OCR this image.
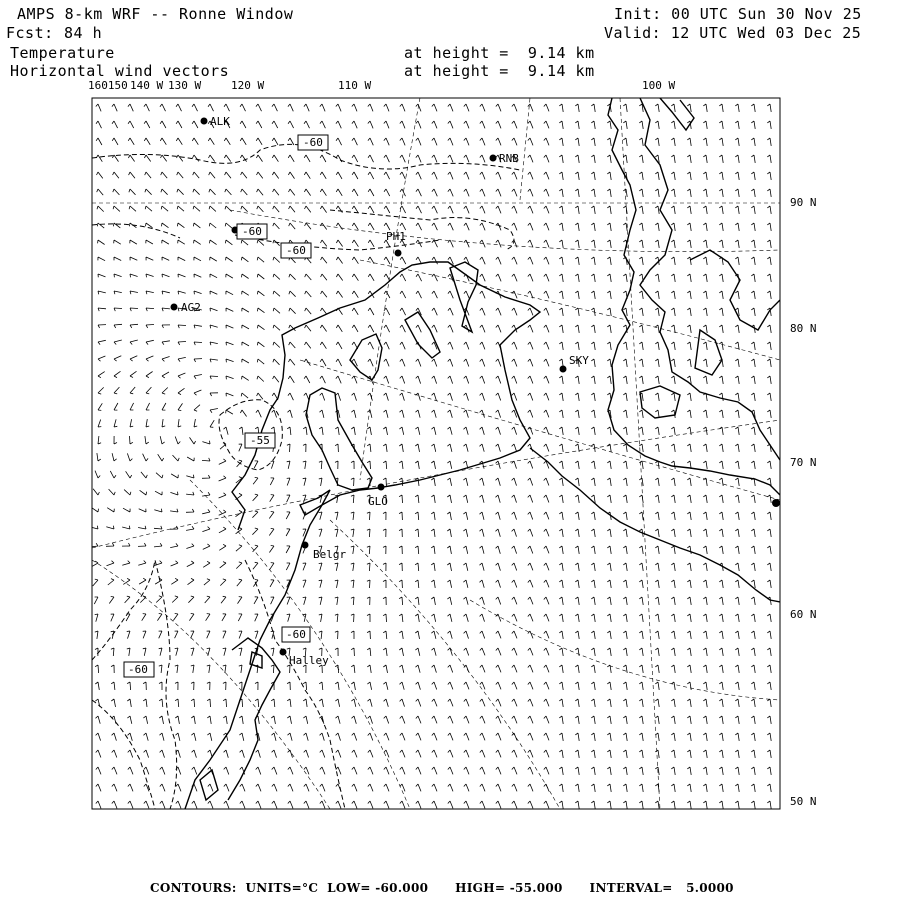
AMPS 8-km WRF -- Ronne Window
Fcst: 84 h
Init: 00 UTC Sun 30 Nov 25
Valid: 12 UTC Wed 03 Dec 25
Temperature
Horizontal wind vectors
at height =  9.14 km
at height =  9.14 km
160150	130 W
140 W	120 W	110 W	100 W
90 N
80 N
70 N
60 N
50 N
ALK
RNB
PH1
AG2
SKY
GLO
Belgr
Halley
-60
-60
-60
-55
-60
-60
CONTOURS:  UNITS=°C  LOW= -60.000      HIGH= -55.000      INTERVAL=   5.0000
